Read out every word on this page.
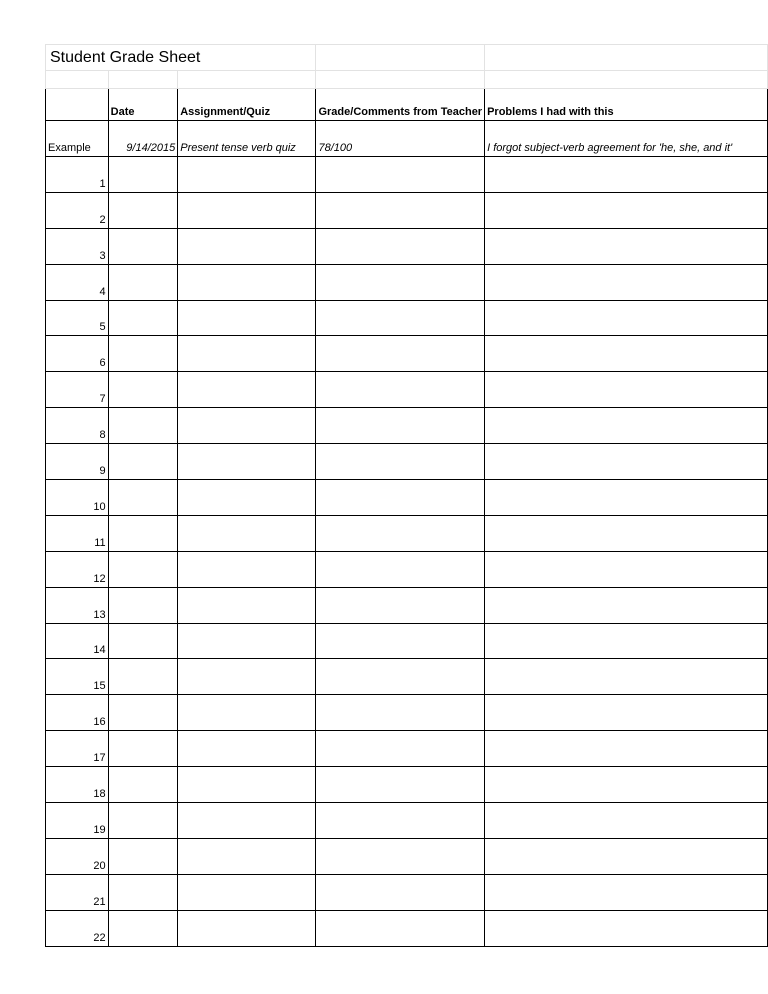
Student Grade Sheet				

	Date	Assignment/Quiz	Grade/Comments from Teacher	Problems I had with this
Example	9/14/2015	Present tense verb quiz	78/100	I forgot subject-verb agreement for 'he, she, and it'
1				
2				
3				
4				
5				
6				
7				
8				
9				
10				
11				
12				
13				
14				
15				
16				
17				
18				
19				
20				
21				
22				
